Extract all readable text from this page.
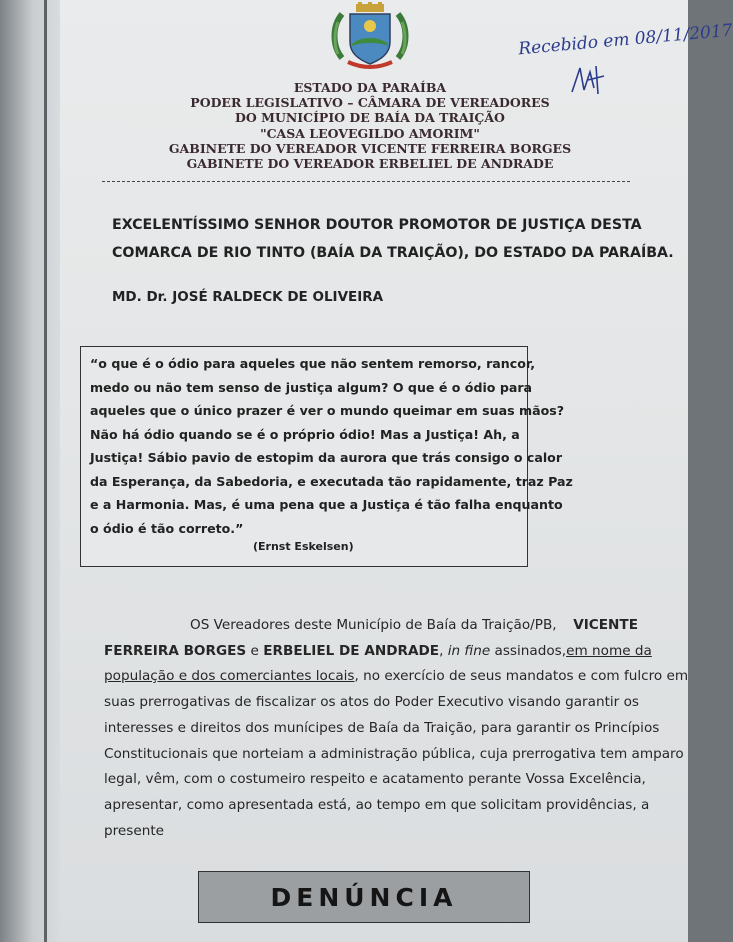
Recebido em 08/11/2017
ESTADO DA PARAÍBA
PODER LEGISLATIVO – CÂMARA DE VEREADORES
DO MUNICÍPIO DE BAÍA DA TRAIÇÃO
"CASA LEOVEGILDO AMORIM"
GABINETE DO VEREADOR VICENTE FERREIRA BORGES
GABINETE DO VEREADOR ERBELIEL DE ANDRADE
EXCELENTÍSSIMO SENHOR DOUTOR PROMOTOR DE JUSTIÇA DESTA
COMARCA DE RIO TINTO (BAÍA DA TRAIÇÃO), DO ESTADO DA PARAÍBA.
MD. Dr. JOSÉ RALDECK DE OLIVEIRA
“o que é o ódio para aqueles que não sentem remorso, rancor,
medo ou não tem senso de justiça algum? O que é o ódio para
aqueles que o único prazer é ver o mundo queimar em suas mãos?
Não há ódio quando se é o próprio ódio! Mas a Justiça! Ah, a
Justiça! Sábio pavio de estopim da aurora que trás consigo o calor
da Esperança, da Sabedoria, e executada tão rapidamente, traz Paz
e a Harmonia. Mas, é uma pena que a Justiça é tão falha enquanto
o ódio é tão correto.”
(Ernst Eskelsen)
OS Vereadores deste Município de Baía da Traição/PB, VICENTE
FERREIRA BORGES e ERBELIEL DE ANDRADE, in fine assinados, em nome da
população e dos comerciantes locais , no exercício de seus mandatos e com fulcro em
suas prerrogativas de fiscalizar os atos do Poder Executivo visando garantir os
interesses e direitos dos munícipes de Baía da Traição, para garantir os Princípios
Constitucionais que norteiam a administração pública, cuja prerrogativa tem amparo
legal, vêm, com o costumeiro respeito e acatamento perante Vossa Excelência,
apresentar, como apresentada está, ao tempo em que solicitam providências, a
presente
DENÚNCIA
